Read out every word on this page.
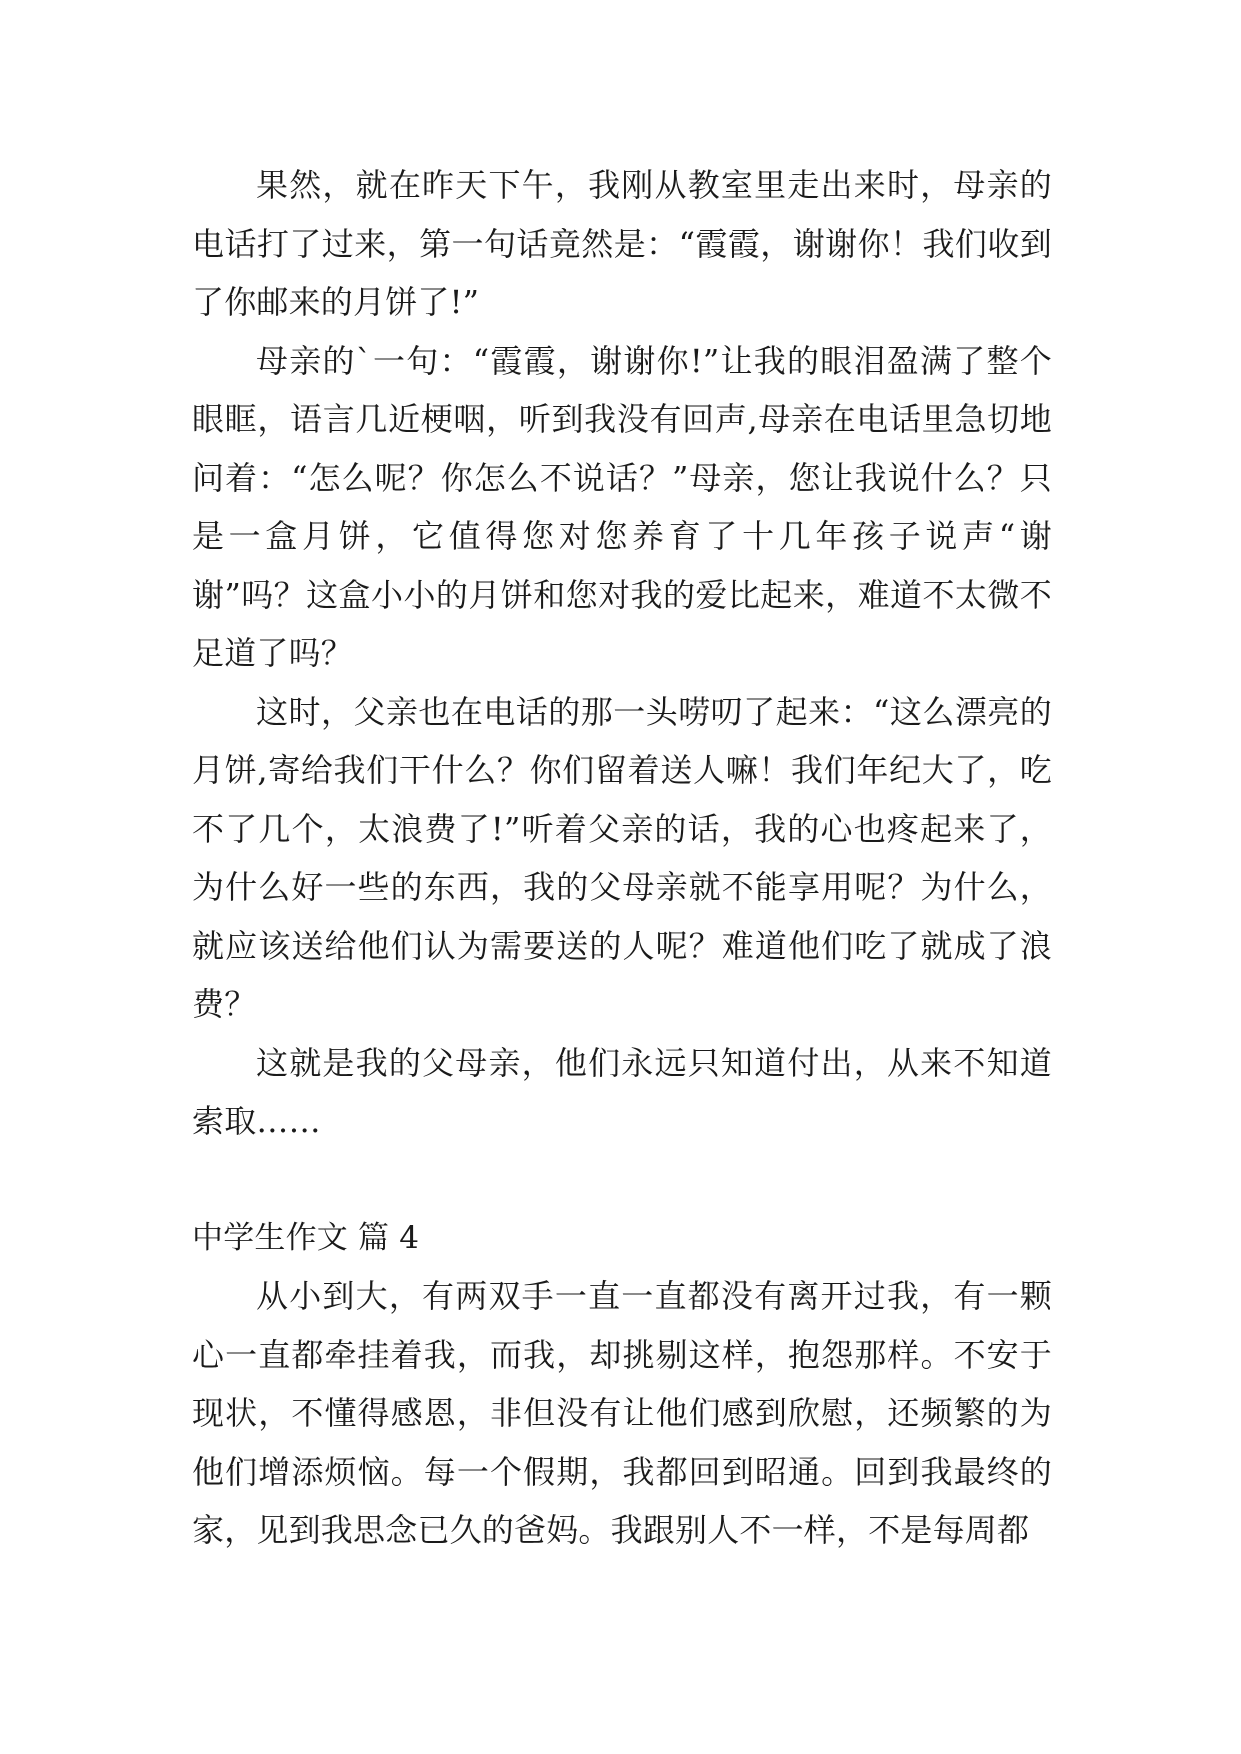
果然，就在昨天下午，我刚从教室里走出来时，母亲的电话打了过来，第一句话竟然是：“霞霞，谢谢你！我们收到了你邮来的月饼了!”

母亲的`一句：“霞霞，谢谢你!”让我的眼泪盈满了整个眼眶，语言几近梗咽，听到我没有回声,母亲在电话里急切地问着：“怎么呢？你怎么不说话？”母亲，您让我说什么？只是一盒月饼，它值得您对您养育了十几年孩子说声“谢谢”吗？这盒小小的月饼和您对我的爱比起来，难道不太微不足道了吗？

这时，父亲也在电话的那一头唠叨了起来：“这么漂亮的月饼,寄给我们干什么？你们留着送人嘛！我们年纪大了，吃不了几个，太浪费了!”听着父亲的话，我的心也疼起来了，为什么好一些的东西，我的父母亲就不能享用呢？为什么，就应该送给他们认为需要送的人呢？难道他们吃了就成了浪费？

这就是我的父母亲，他们永远只知道付出，从来不知道索取……

中学生作文 篇 4

从小到大，有两双手一直一直都没有离开过我，有一颗心一直都牵挂着我，而我，却挑剔这样，抱怨那样。不安于现状，不懂得感恩，非但没有让他们感到欣慰，还频繁的为他们增添烦恼。每一个假期，我都回到昭通。回到我最终的家，见到我思念已久的爸妈。我跟别人不一样，不是每周都
